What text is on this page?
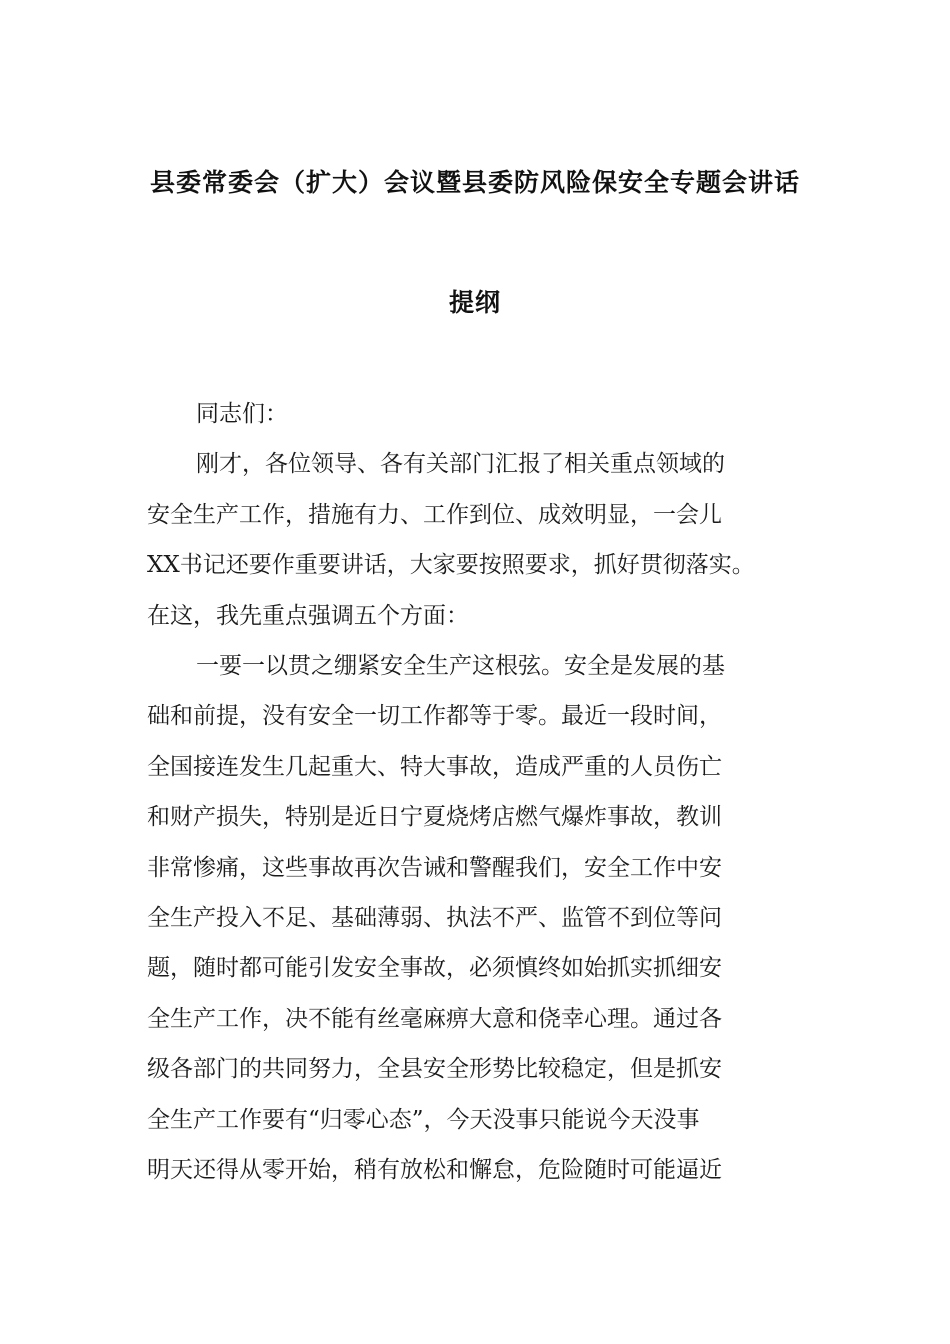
县委常委会（扩大）会议暨县委防风险保安全专题会讲话
提纲
同志们：
刚才，各位领导、各有关部门汇报了相关重点领域的
安全生产工作，措施有力、工作到位、成效明显，一会儿
XX书记还要作重要讲话，大家要按照要求，抓好贯彻落实。
在这，我先重点强调五个方面：
一要一以贯之绷紧安全生产这根弦。安全是发展的基
础和前提，没有安全一切工作都等于零。最近一段时间，
全国接连发生几起重大、特大事故，造成严重的人员伤亡
和财产损失，特别是近日宁夏烧烤店燃气爆炸事故，教训
非常惨痛，这些事故再次告诫和警醒我们，安全工作中安
全生产投入不足、基础薄弱、执法不严、监管不到位等问
题，随时都可能引发安全事故，必须慎终如始抓实抓细安
全生产工作，决不能有丝毫麻痹大意和侥幸心理。通过各
级各部门的共同努力，全县安全形势比较稳定，但是抓安
全生产工作要有“归零心态”，今天没事只能说今天没事
明天还得从零开始，稍有放松和懈怠，危险随时可能逼近
